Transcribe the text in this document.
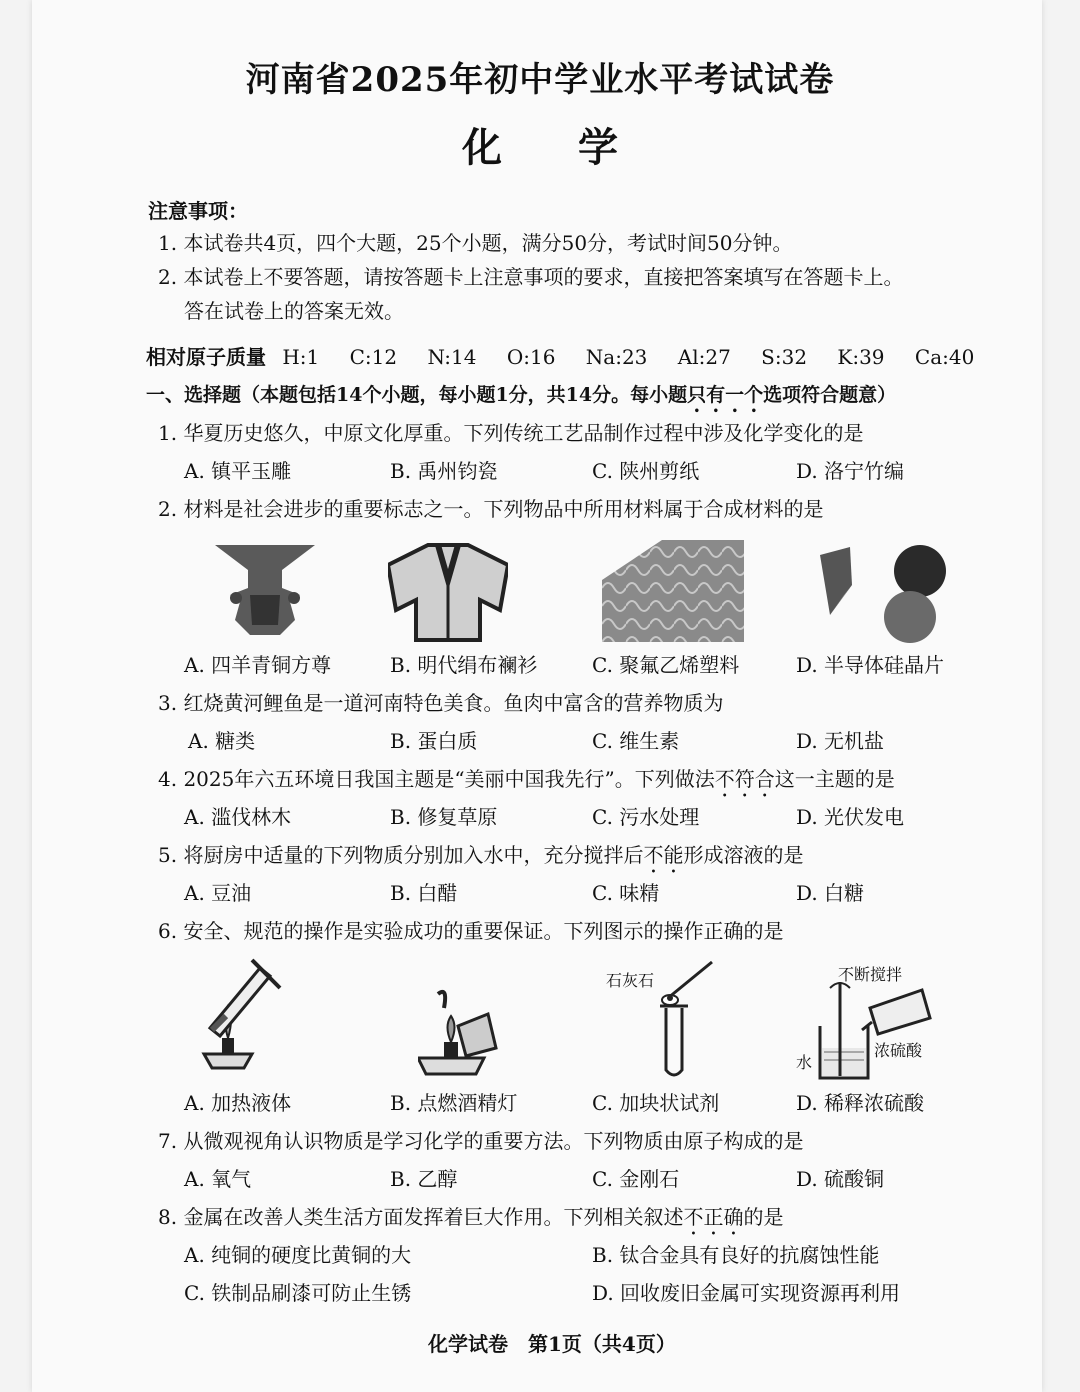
河南省2025年初中学业水平考试试卷
化 学
注意事项：
1. 本试卷共4页，四个大题，25个小题，满分50分，考试时间50分钟。
2. 本试卷上不要答题，请按答题卡上注意事项的要求，直接把答案填写在答题卡上。
答在试卷上的答案无效。
相对原子质量 H:1 C:12 N:14 O:16 Na:23 Al:27 S:32 K:39 Ca:40
一、选择题（本题包括14个小题，每小题1分，共14分。每小题只有一个选项符合题意）
1. 华夏历史悠久，中原文化厚重。下列传统工艺品制作过程中涉及化学变化的是
A. 镇平玉雕	B. 禹州钧瓷	C. 陕州剪纸	D. 洛宁竹编
2. 材料是社会进步的重要标志之一。下列物品中所用材料属于合成材料的是
A. 四羊青铜方尊	B. 明代绢布襕衫	C. 聚氟乙烯塑料	D. 半导体硅晶片
3. 红烧黄河鲤鱼是一道河南特色美食。鱼肉中富含的营养物质为
A. 糖类	B. 蛋白质	C. 维生素	D. 无机盐
4. 2025年六五环境日我国主题是“美丽中国我先行”。下列做法不符合这一主题的是
A. 滥伐林木	B. 修复草原	C. 污水处理	D. 光伏发电
5. 将厨房中适量的下列物质分别加入水中，充分搅拌后不能形成溶液的是
A. 豆油	B. 白醋	C. 味精	D. 白糖
6. 安全、规范的操作是实验成功的重要保证。下列图示的操作正确的是
石灰石	不断搅拌
浓硫酸
水
A. 加热液体	B. 点燃酒精灯	C. 加块状试剂	D. 稀释浓硫酸
7. 从微观视角认识物质是学习化学的重要方法。下列物质由原子构成的是
A. 氧气	B. 乙醇	C. 金刚石	D. 硫酸铜
8. 金属在改善人类生活方面发挥着巨大作用。下列相关叙述不正确的是
A. 纯铜的硬度比黄铜的大	B. 钛合金具有良好的抗腐蚀性能
C. 铁制品刷漆可防止生锈	D. 回收废旧金属可实现资源再利用
化学试卷　第1页（共4页）
